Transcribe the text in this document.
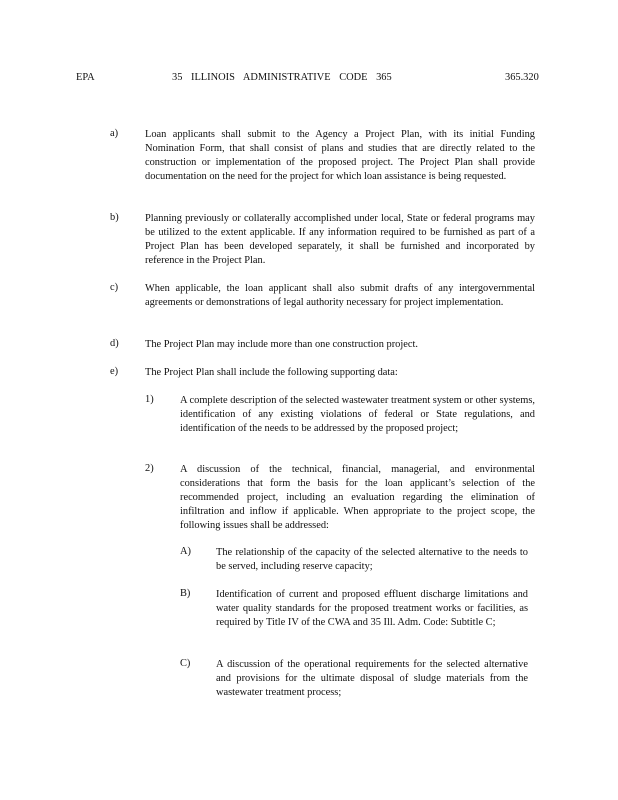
EPA	35 ILLINOIS ADMINISTRATIVE CODE 365	365.320
a)	Loan applicants shall submit to the Agency a Project Plan, with its initial Funding Nomination Form, that shall consist of plans and studies that are directly related to the construction or implementation of the proposed project. The Project Plan shall provide documentation on the need for the project for which loan assistance is being requested.
b)	Planning previously or collaterally accomplished under local, State or federal programs may be utilized to the extent applicable. If any information required to be furnished as part of a Project Plan has been developed separately, it shall be furnished and incorporated by reference in the Project Plan.
c)	When applicable, the loan applicant shall also submit drafts of any intergovernmental agreements or demonstrations of legal authority necessary for project implementation.
d)	The Project Plan may include more than one construction project.
e)	The Project Plan shall include the following supporting data:
1)	A complete description of the selected wastewater treatment system or other systems, identification of any existing violations of federal or State regulations, and identification of the needs to be addressed by the proposed project;
2)	A discussion of the technical, financial, managerial, and environmental considerations that form the basis for the loan applicant’s selection of the recommended project, including an evaluation regarding the elimination of infiltration and inflow if applicable. When appropriate to the project scope, the following issues shall be addressed:
A) The relationship of the capacity of the selected alternative to the needs to be served, including reserve capacity;
B) Identification of current and proposed effluent discharge limitations and water quality standards for the proposed treatment works or facilities, as required by Title IV of the CWA and 35 Ill. Adm. Code: Subtitle C;
C) A discussion of the operational requirements for the selected alternative and provisions for the ultimate disposal of sludge materials from the wastewater treatment process;
